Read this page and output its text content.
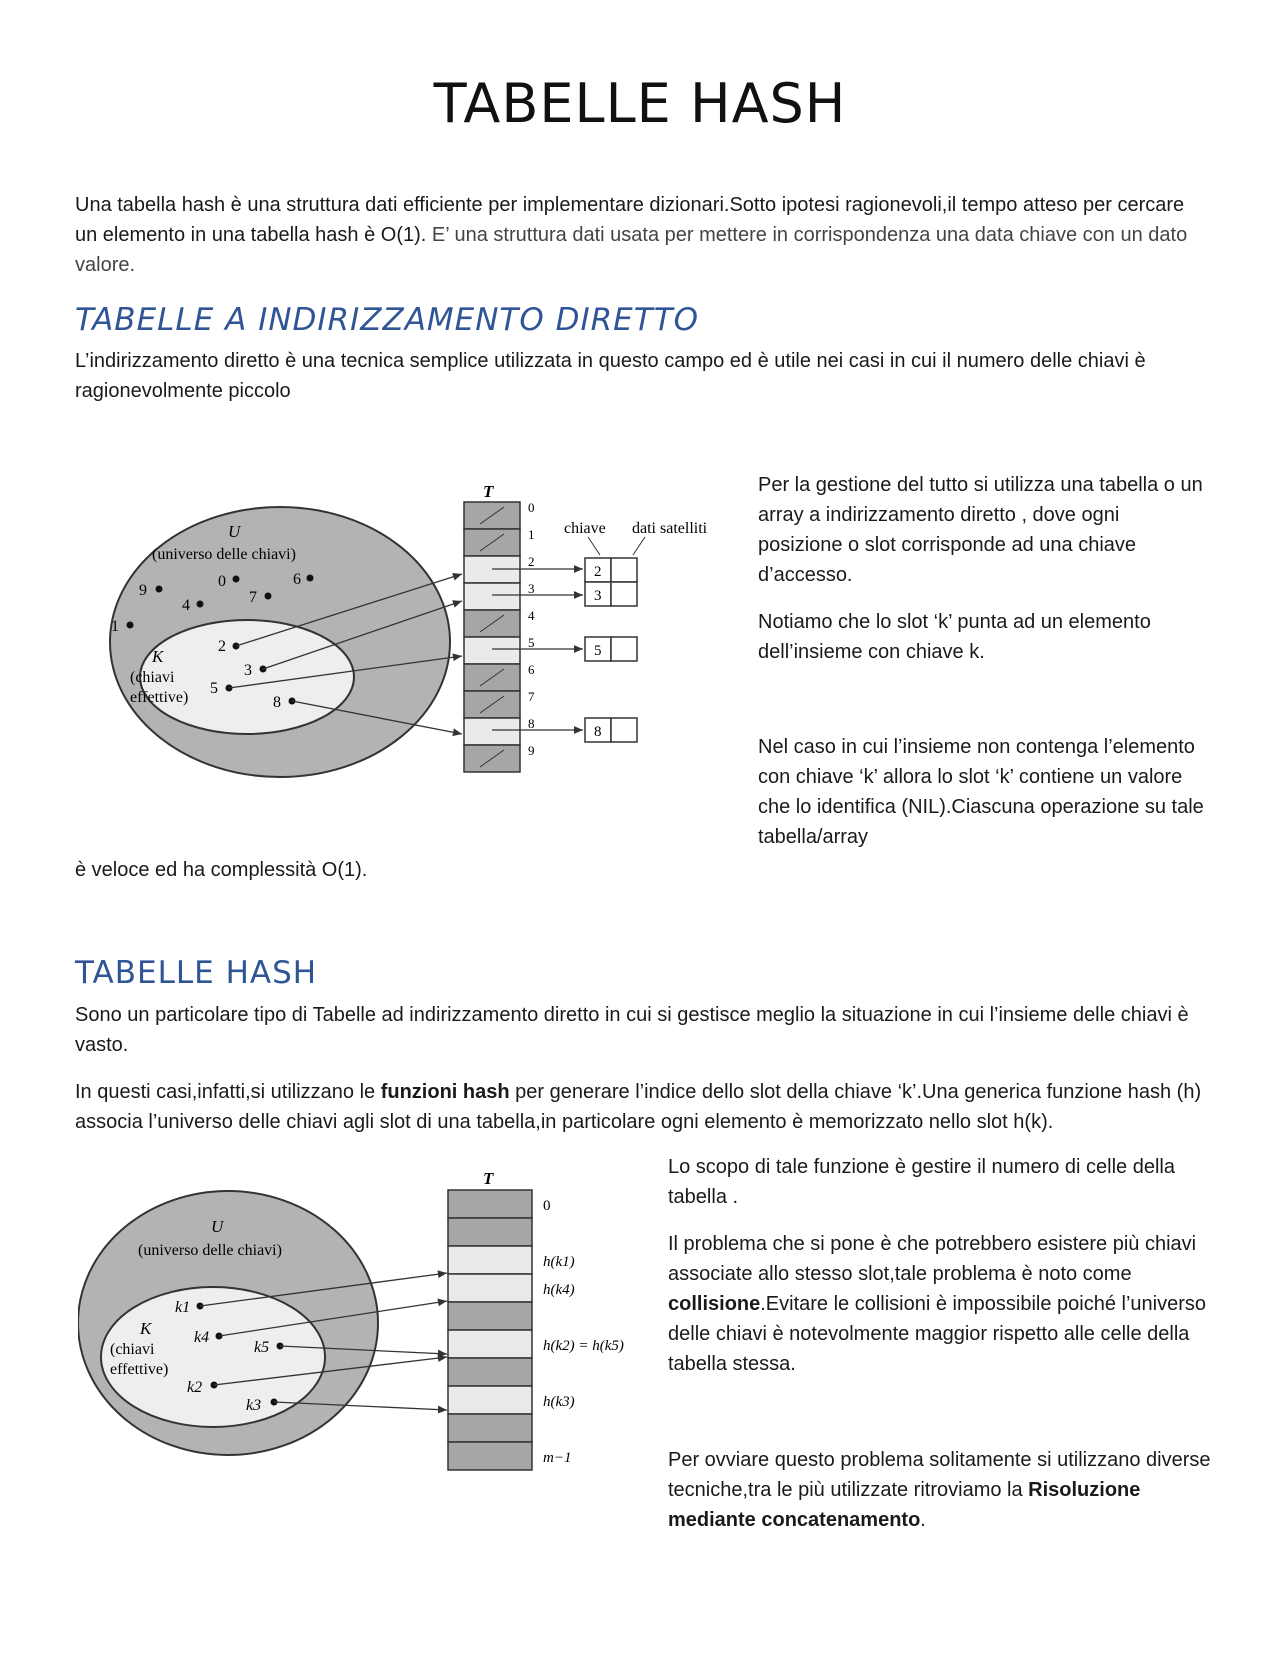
TABELLE HASH
Una tabella hash è una struttura dati efficiente per implementare dizionari.Sotto ipotesi ragionevoli,il tempo atteso per cercare un elemento in una tabella hash è O(1). E’ una struttura dati usata per mettere in corrispondenza una data chiave con un dato valore.
TABELLE A INDIRIZZAMENTO DIRETTO
L’indirizzamento diretto è una tecnica semplice utilizzata in questo campo ed è utile nei casi in cui il numero delle chiavi è ragionevolmente piccolo
U
(universo delle chiavi)
0	6
9
4	7
1
K
(chiavi
effettive)
2
3
5
8
T
0
1
2
3
4
5
6
7
8
9
chiave dati satelliti
2
3
5
8
Per la gestione del tutto si utilizza una tabella o un array a indirizzamento diretto , dove ogni posizione o slot corrisponde ad una chiave d’accesso.
Notiamo che lo slot ‘k’ punta ad un elemento dell’insieme con chiave k.
Nel caso in cui l’insieme non contenga l’elemento con chiave ‘k’ allora lo slot ‘k’ contiene un valore che lo identifica (NIL).Ciascuna operazione su tale tabella/array
è veloce ed ha complessità O(1).
TABELLE HASH
Sono un particolare tipo di Tabelle ad indirizzamento diretto in cui si gestisce meglio la situazione in cui l’insieme delle chiavi è vasto.
In questi casi,infatti,si utilizzano le funzioni hash per generare l’indice dello slot della chiave ‘k’.Una generica funzione hash (h) associa l’universo delle chiavi agli slot di una tabella,in particolare ogni elemento è memorizzato nello slot h(k).
U
(universo delle chiavi)
K
(chiavi
effettive)
k1
k4
k5
k2
k3
T
0
h(k1)
h(k4)
h(k2) = h(k5)
h(k3)
m−1
Lo scopo di tale funzione è gestire il numero di celle della tabella .
Il problema che si pone è che potrebbero esistere più chiavi associate allo stesso slot,tale problema è noto come collisione.Evitare le collisioni è impossibile poiché l’universo delle chiavi è notevolmente maggior rispetto alle celle della tabella stessa.
Per ovviare questo problema solitamente si utilizzano diverse tecniche,tra le più utilizzate ritroviamo la Risoluzione mediante concatenamento.
